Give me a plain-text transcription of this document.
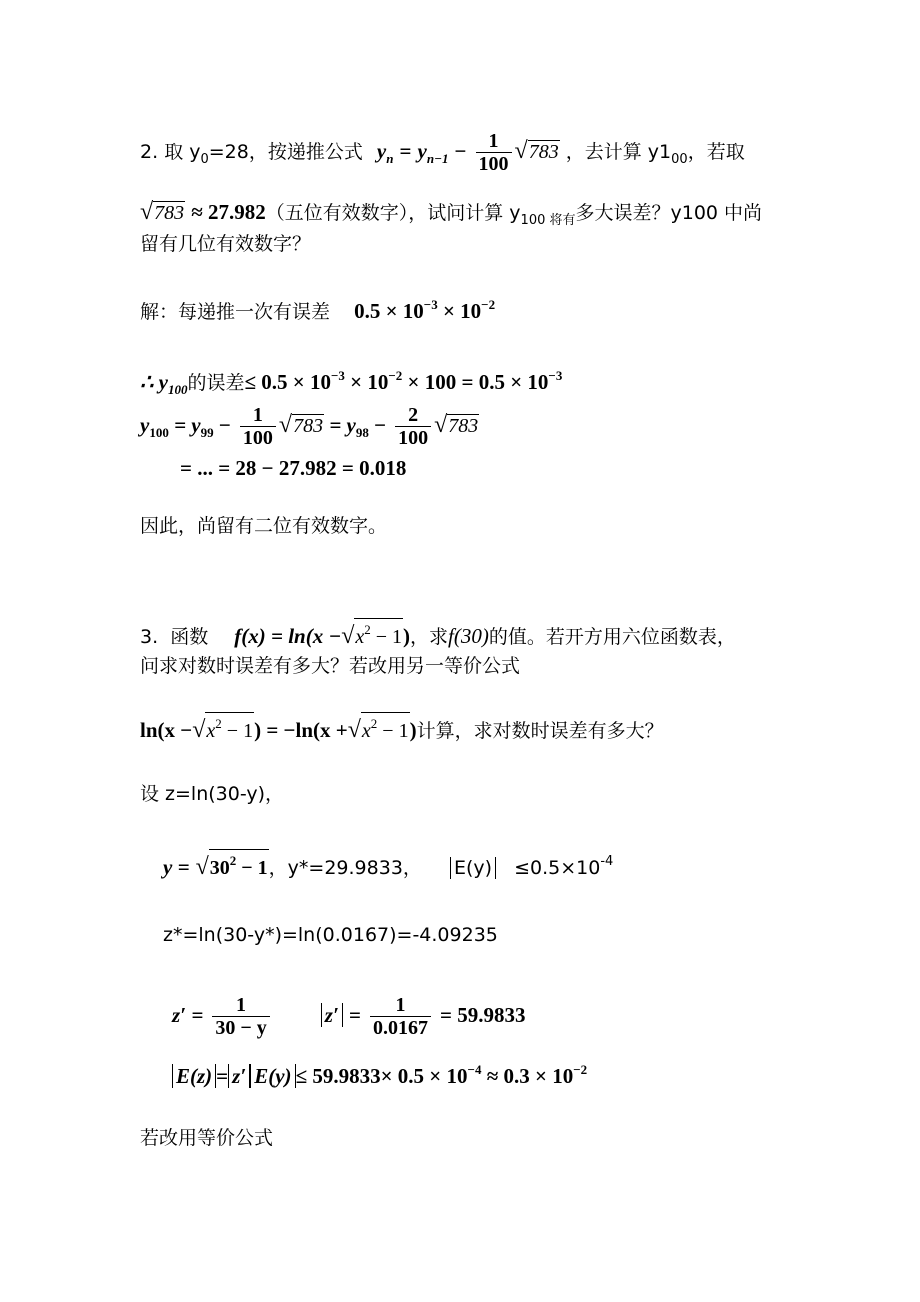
2. 取 $y_0=28$，按递推公式 $y_n = y_{n-1} - \frac{1}{100} √783$ ，去计算 $y1_{00}$，若取
√783 ≈ 27.982（五位有效数字），试问计算 $y_{100 将有}$多大误差？y100 中尚
留有几位有效数字？
解：每递推一次有误差 $0.5 \times 10^{-3} \times 10^{-2}$
∴ $y_{100}$的误差≤ $0.5 \times 10^{-3} \times 10^{-2} \times 100 = 0.5 \times 10^{-3}$
$y_{100} = y_{99} - \frac{1}{100} √783 = y_{98} - \frac{2}{100} √783$
= ... = 28 − 27.982 = 0.018
因此，尚留有二位有效数字。
3. 函数 $f(x) = \ln(x -√x^2 - 1)$，求f(30)的值。若开方用六位函数表，
问求对数时误差有多大？若改用另一等价公式
$\ln(x -√x^2 - 1) = -\ln(x +√x^2 - 1)$计算，求对数时误差有多大？
设 z=ln(30-y)，
$y = √30^2 - 1$，y*=29.9833， $E(y) \le 0.5\times 10^{-4}$
z*=ln(30-y*)=ln(0.0167)=-4.09235
$z' = \frac{1}{30 - y}$	$z' = \frac{1}{0.0167} = 59.9833$
E(z) = z′ $E(y) \le 59.9833\times 0.5 \times 10^{-4} \approx 0.3 \times 10^{-2}$
若改用等价公式
